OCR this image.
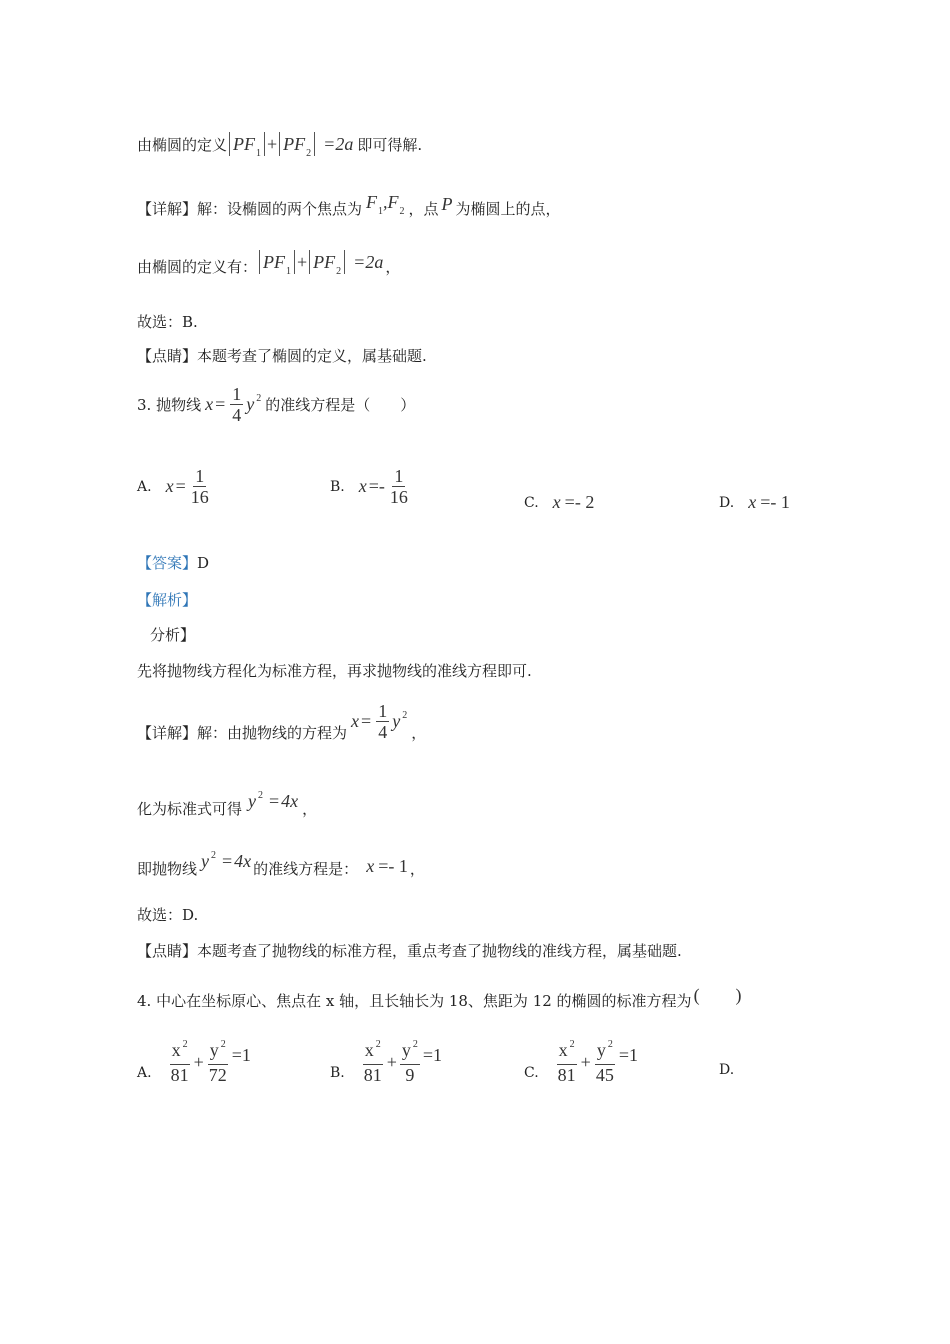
由椭圆的定义 $PF_1 + PF_2 =2a$ 即可得解.
【详解】 解：设椭圆的两个焦点为 $F_1,F_2$ ，点 P 为椭圆上的点，
由椭圆的定义有： $PF_1 + PF_2 =2a$ ，
故选：B.
【点睛】 本题考查了椭圆的定义，属基础题.
3. 抛物线 $x = \frac{1}{4}$ y $^2$ 的准线方程是（　　）
A. $x = \frac{1}{16}$	B. $x =- \frac{1}{16}$	C. x =- 2	D. x =- 1
【答案】 D
【解析】
分析】
先将抛物线方程化为标准方程，再求抛物线的准线方程即可.
【详解】 解：由抛物线的方程为
$x = \frac{1}{4}$ y $^2$
，
化为标准式可得 y $^2$ = 4x ，
即抛物线 y $^2$ = 4x 的准线方程是： x = - 1 ，
故选：D.
【点睛】 本题考查了抛物线的标准方程，重点考查了抛物线的准线方程，属基础题.
4. 中心在坐标原心、焦点在 x 轴，且长轴长为 18、焦距为 12 的椭圆的标准方程为 (　　)
A. $\frac{x ^2}{81} + \frac{y ^2}{72} =1$
B. $\frac{x ^2}{81} + \frac{y ^2}{9} =1$
C. $\frac{x ^2}{81} + \frac{y ^2}{45} =1$
D.
